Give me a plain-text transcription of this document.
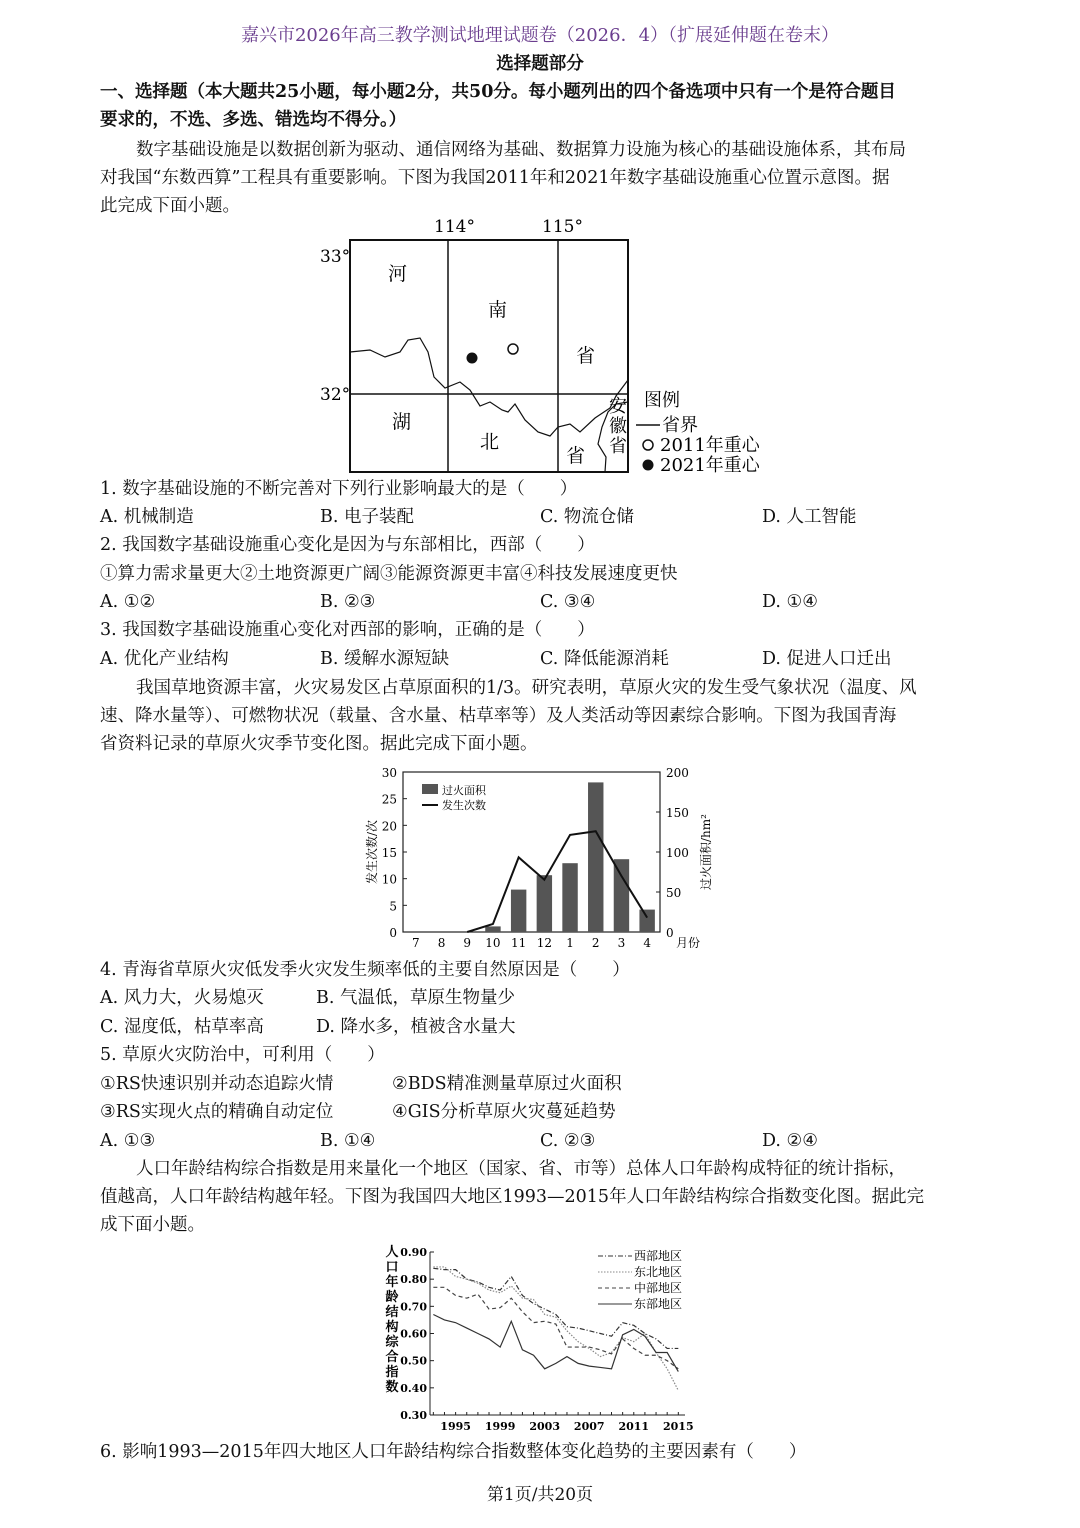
嘉兴市2026年高三教学测试地理试题卷（2026．4）（扩展延伸题在卷末）
选择题部分
一、选择题（本大题共25小题，每小题2分，共50分。每小题列出的四个备选项中只有一个是符合题目
要求的，不选、多选、错选均不得分。）
数字基础设施是以数据创新为驱动、通信网络为基础、数据算力设施为核心的基础设施体系，其布局
对我国“东数西算”工程具有重要影响。下图为我国2011年和2021年数字基础设施重心位置示意图。据
此完成下面小题。
114°	115°
33°
32°
河
南
省
湖
北
省
安
徽
省
图例
省界
2011年重心
2021年重心
1. 数字基础设施的不断完善对下列行业影响最大的是（　　）
A. 机械制造	B. 电子装配	C. 物流仓储	D. 人工智能
2. 我国数字基础设施重心变化是因为与东部相比，西部（　　）
①算力需求量更大②土地资源更广阔③能源资源更丰富④科技发展速度更快
A. ①②	B. ②③	C. ③④	D. ①④
3. 我国数字基础设施重心变化对西部的影响，正确的是（　　）
A. 优化产业结构	B. 缓解水源短缺	C. 降低能源消耗	D. 促进人口迁出
我国草地资源丰富，火灾易发区占草原面积的1/3。研究表明，草原火灾的发生受气象状况（温度、风
速、降水量等）、可燃物状况（载量、含水量、枯草率等）及人类活动等因素综合影响。下图为我国青海
省资料记录的草原火灾季节变化图。据此完成下面小题。
0
5
10
15
20
25
30
0
50
100
150
200
7 8 9 10 11 12 1 2 3 4 月份
发生次数/次	过火面积/hm²
过火面积
发生次数
4. 青海省草原火灾低发季火灾发生频率低的主要自然原因是（　　）
A. 风力大，火易熄灭	B. 气温低，草原生物量少
C. 湿度低，枯草率高	D. 降水多，植被含水量大
5. 草原火灾防治中，可利用（　　）
①RS快速识别并动态追踪火情	②BDS精准测量草原过火面积
③RS实现火点的精确自动定位	④GIS分析草原火灾蔓延趋势
A. ①③	B. ①④	C. ②③	D. ②④
人口年龄结构综合指数是用来量化一个地区（国家、省、市等）总体人口年龄构成特征的统计指标，
值越高，人口年龄结构越年轻。下图为我国四大地区1993—2015年人口年龄结构综合指数变化图。据此完
成下面小题。
0.30
0.40
0.50
0.60
0.70
0.80
0.90
1995 1999 2003 2007 2011 2015
人
口
年
龄
结
构
综
合
指
数
西部地区
东北地区
中部地区
东部地区
6. 影响1993—2015年四大地区人口年龄结构综合指数整体变化趋势的主要因素有（　　）
第1页/共20页
